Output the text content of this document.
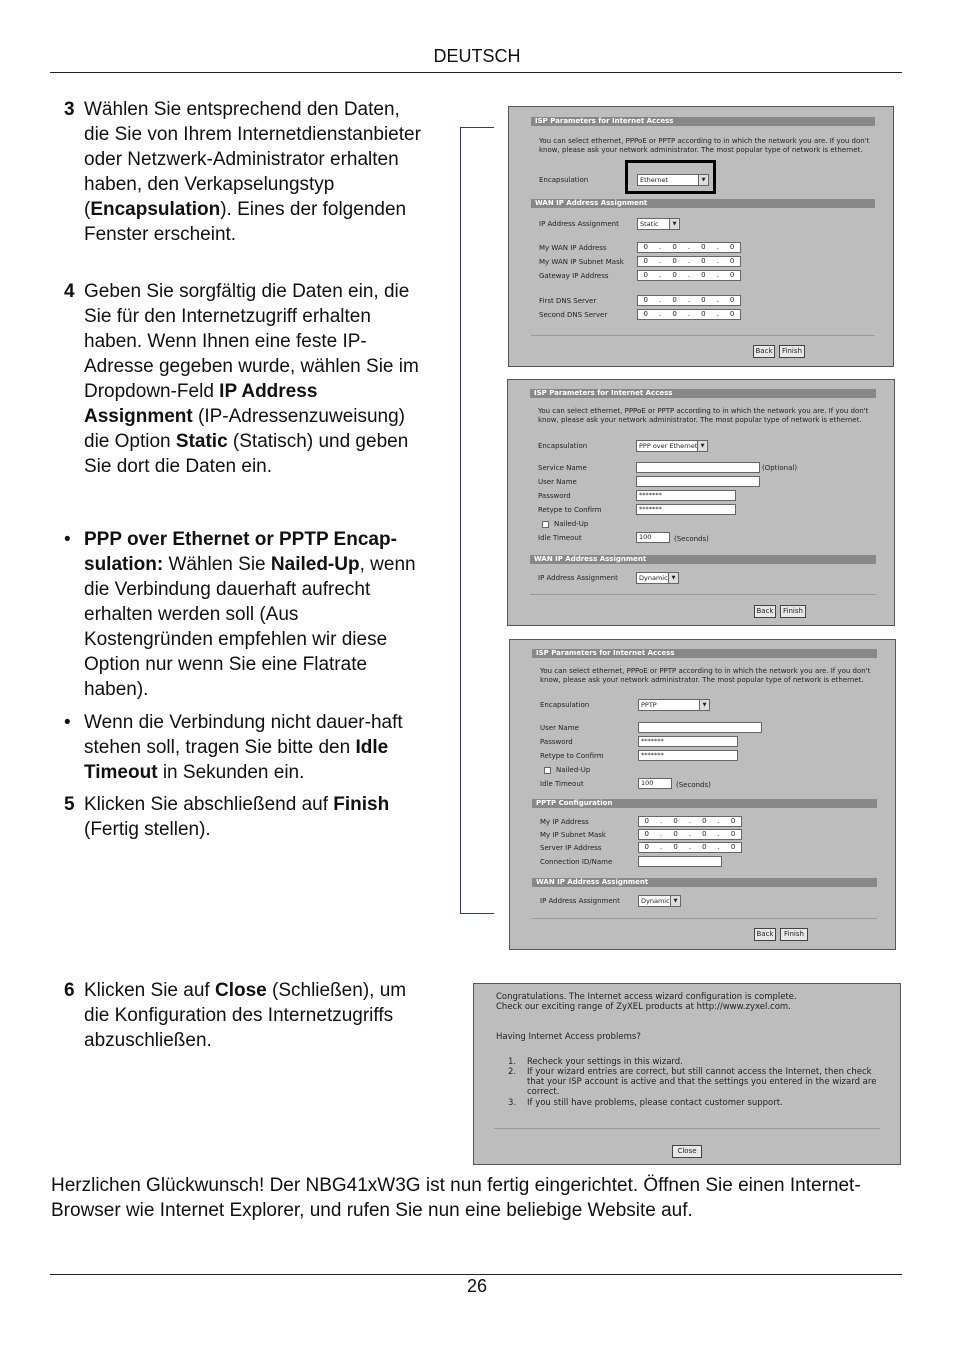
DEUTSCH
3 Wählen Sie entsprechend den Daten, die Sie von Ihrem Internetdienstanbieter oder Netzwerk-Administrator erhalten haben, den Verkapselungstyp (Encapsulation). Eines der folgenden Fenster erscheint.
4 Geben Sie sorgfältig die Daten ein, die Sie für den Internetzugriff erhalten haben. Wenn Ihnen eine feste IP-Adresse gegeben wurde, wählen Sie im Dropdown-Feld IP Address Assignment (IP-Adressenzuweisung) die Option Static (Statisch) und geben Sie dort die Daten ein.
• PPP over Ethernet or PPTP Encap-sulation: Wählen Sie Nailed-Up, wenn die Verbindung dauerhaft aufrecht erhalten werden soll (Aus Kostengründen empfehlen wir diese Option nur wenn Sie eine Flatrate haben).
• Wenn die Verbindung nicht dauer-haft stehen soll, tragen Sie bitte den Idle Timeout in Sekunden ein.
5 Klicken Sie abschließend auf Finish (Fertig stellen).
6 Klicken Sie auf Close (Schließen), um die Konfiguration des Internetzugriffs abzuschließen.
ISP Parameters for Internet Access
You can select ethernet, PPPoE or PPTP according to in which the network you are. If you don't know, please ask your network administrator. The most popular type of network is ethernet.
Encapsulation	Ethernet	▼
WAN IP Address Assignment
IP Address Assignment	Static	▼
My WAN IP Address	0 . 0 . 0 . 0
My WAN IP Subnet Mask	0 . 0 . 0 . 0
Gateway IP Address	0 . 0 . 0 . 0
First DNS Server	0 . 0 . 0 . 0
Second DNS Server	0 . 0 . 0 . 0
Back	Finish
ISP Parameters for Internet Access
You can select ethernet, PPPoE or PPTP according to in which the network you are. If you don't know, please ask your network administrator. The most popular type of network is ethernet.
Encapsulation	PPP over Ethernet ▼
Service Name	(Optional)
User Name
Password	*******
Retype to Confirm	*******
Nailed-Up
Idle Timeout	100	(Seconds)
WAN IP Address Assignment
IP Address Assignment	Dynamic ▼
Back	Finish
ISP Parameters for Internet Access
You can select ethernet, PPPoE or PPTP according to in which the network you are. If you don't know, please ask your network administrator. The most popular type of network is ethernet.
Encapsulation	PPTP	▼
User Name
Password	*******
Retype to Confirm	*******
Nailed-Up
Idle Timeout	100	(Seconds)
PPTP Configuration
My IP Address	0 . 0 . 0 . 0
My IP Subnet Mask	0 . 0 . 0 . 0
Server IP Address	0 . 0 . 0 . 0
Connection ID/Name
WAN IP Address Assignment
IP Address Assignment	Dynamic ▼
Back	Finish
Congratulations. The Internet access wizard configuration is complete.
Check our exciting range of ZyXEL products at http://www.zyxel.com.
Having Internet Access problems?
1. Recheck your settings in this wizard.
2. If your wizard entries are correct, but still cannot access the Internet, then check that your ISP account is active and that the settings you entered in the wizard are correct.
3. If you still have problems, please contact customer support.
Close
Herzlichen Glückwunsch! Der NBG41xW3G ist nun fertig eingerichtet. Öffnen Sie einen Internet-Browser wie Internet Explorer, und rufen Sie nun eine beliebige Website auf.
26
